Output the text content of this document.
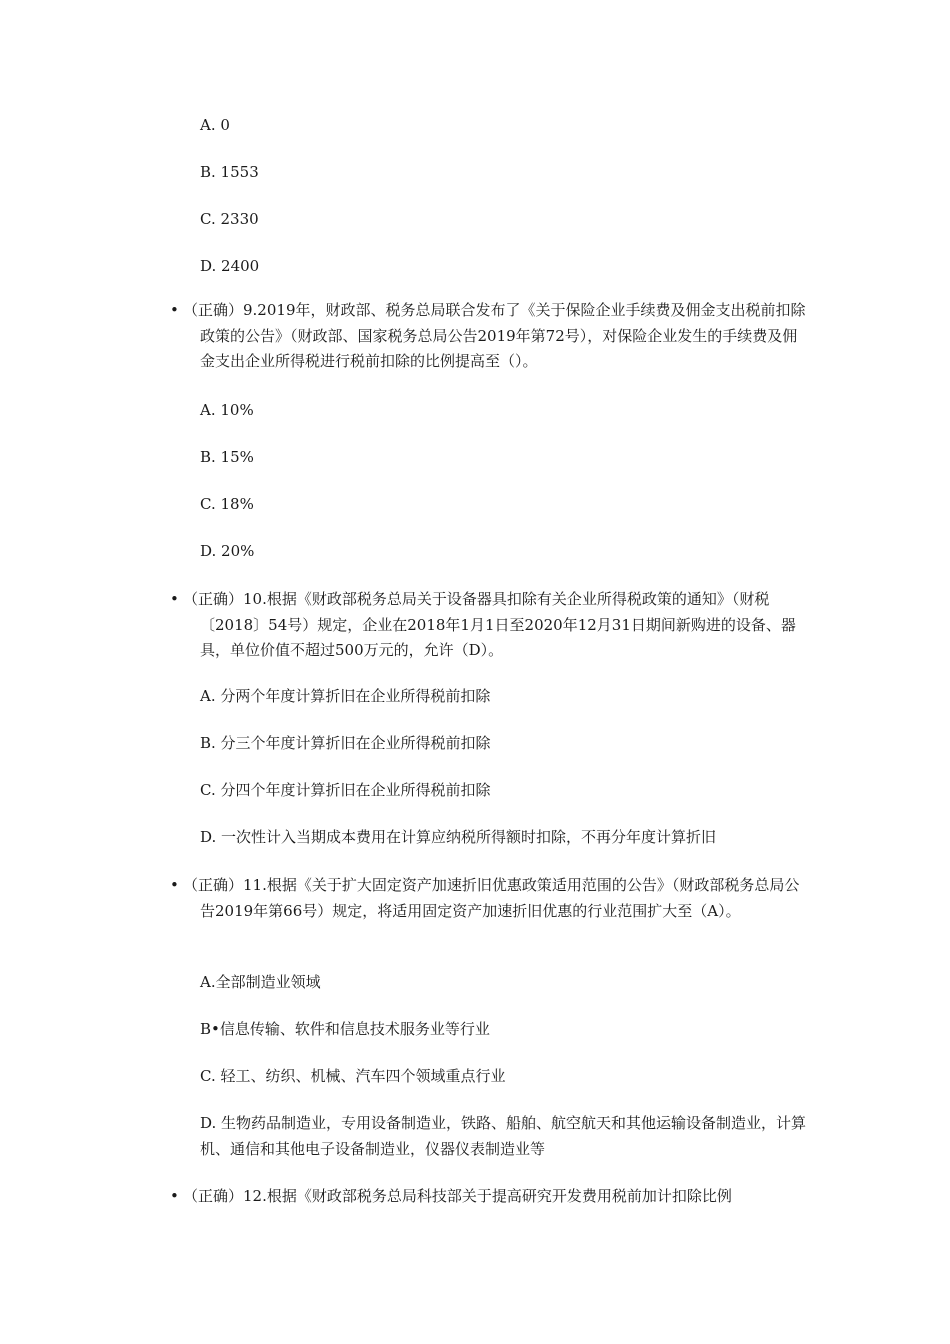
A. 0
B. 1553
C. 2330
D. 2400
• （正确）9.2019年，财政部、税务总局联合发布了《关于保险企业手续费及佣金支出税前扣除政策的公告》（财政部、国家税务总局公告2019年第72号），对保险企业发生的手续费及佣金支出企业所得税进行税前扣除的比例提高至（）。
A. 10%
B. 15%
C. 18%
D. 20%
• （正确）10.根据《财政部税务总局关于设备器具扣除有关企业所得税政策的通知》（财税〔2018〕54号）规定，企业在2018年1月1日至2020年12月31日期间新购进的设备、器具，单位价值不超过500万元的，允许（D）。
A. 分两个年度计算折旧在企业所得税前扣除
B. 分三个年度计算折旧在企业所得税前扣除
C. 分四个年度计算折旧在企业所得税前扣除
D. 一次性计入当期成本费用在计算应纳税所得额时扣除，不再分年度计算折旧
• （正确）11.根据《关于扩大固定资产加速折旧优惠政策适用范围的公告》（财政部税务总局公告2019年第66号）规定，将适用固定资产加速折旧优惠的行业范围扩大至（A）。
A.全部制造业领域
B•信息传输、软件和信息技术服务业等行业
C. 轻工、纺织、机械、汽车四个领域重点行业
D. 生物药品制造业，专用设备制造业，铁路、船舶、航空航天和其他运输设备制造业，计算机、通信和其他电子设备制造业，仪器仪表制造业等
• （正确）12.根据《财政部税务总局科技部关于提高研究开发费用税前加计扣除比例
